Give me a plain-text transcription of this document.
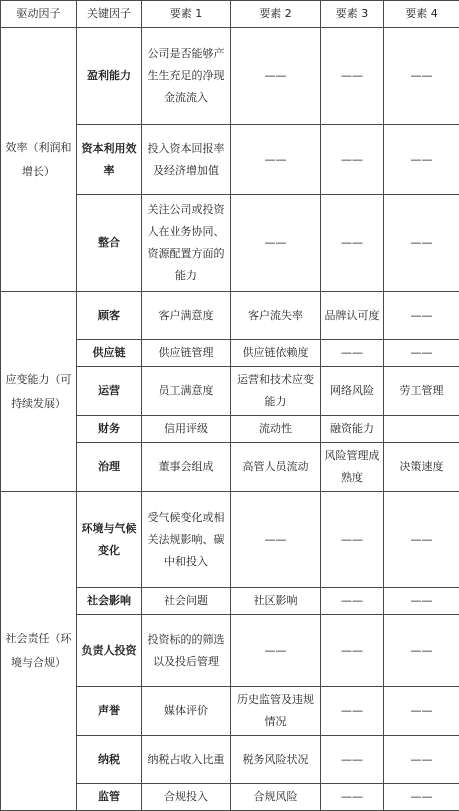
驱动因子	关键因子	要素 1	要素 2	要素 3	要素 4
效率（利润和增长）	盈利能力	公司是否能够产生生充足的净现金流流入	——	——	——
	资本利用效率	投入资本回报率及经济增加值	——	——	——
	整合	关注公司或投资人在业务协同、资源配置方面的能力	——	——	——
应变能力（可持续发展）	顾客	客户满意度	客户流失率	品牌认可度	——
	供应链	供应链管理	供应链依赖度	——	——
	运营	员工满意度	运营和技术应变能力	网络风险	劳工管理
	财务	信用评级	流动性	融资能力	
	治理	董事会组成	高管人员流动	风险管理成熟度	决策速度
社会责任（环境与合规）	环境与气候变化	受气候变化或相关法规影响、碳中和投入	——	——	——
	社会影响	社会问题	社区影响	——	——
	负责人投资	投资标的的筛选以及投后管理	——	——	——
	声誉	媒体评价	历史监管及违规情况	——	——
	纳税	纳税占收入比重	税务风险状况	——	——
	监管	合规投入	合规风险	——	——
